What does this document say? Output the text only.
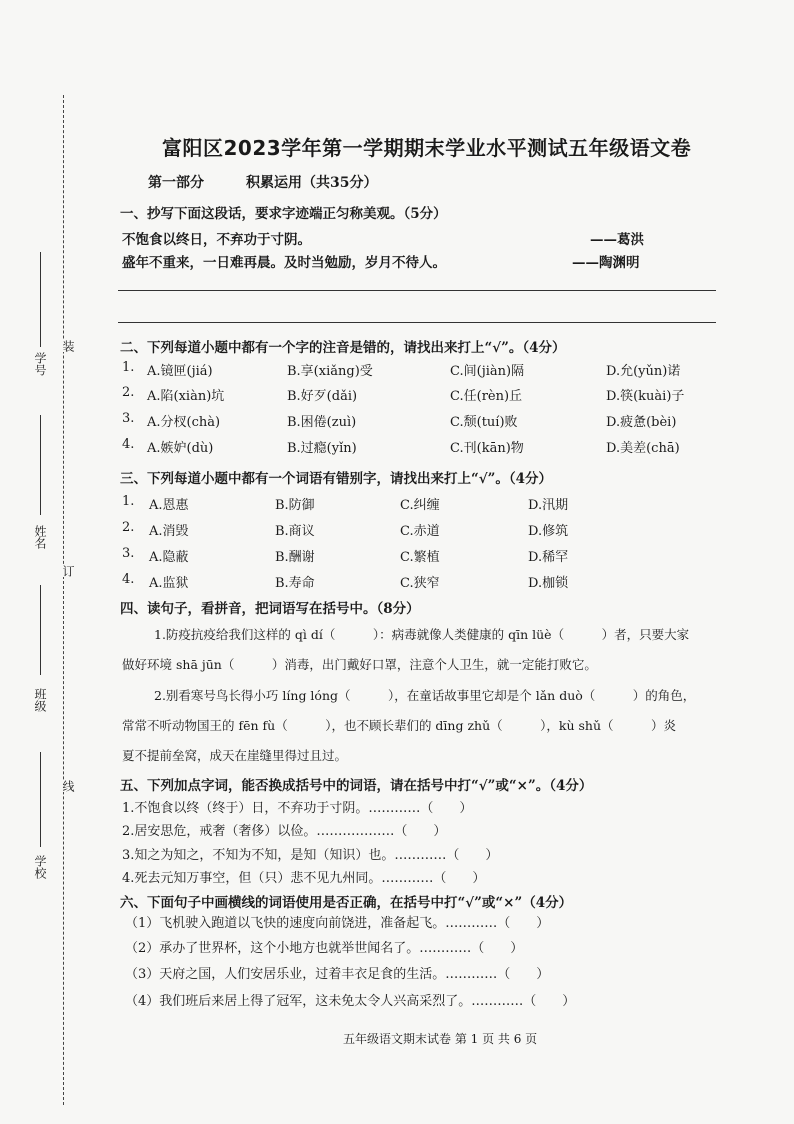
学号
姓名
班级
学校
装
订
线
富阳区2023学年第一学期期末学业水平测试五年级语文卷
第一部分	积累运用（共35分）
一、抄写下面这段话，要求字迹端正匀称美观。（5分）
不饱食以终日，不弃功于寸阴。	——葛洪
盛年不重来，一日难再晨。及时当勉励，岁月不待人。	——陶渊明
二、下列每道小题中都有一个字的注音是错的，请找出来打上“√”。（4分）
1. A.镜匣(jiá)	B.享(xiǎng)受	C.间(jiàn)隔	D.允(yǔn)诺
2. A.陷(xiàn)坑	B.好歹(dǎi)	C.任(rèn)丘	D.筷(kuài)子
3. A.分杈(chà)	B.困倦(zuì)	C.颓(tuí)败	D.疲惫(bèi)
4. A.嫉妒(dù)	B.过瘾(yǐn)	C.刊(kān)物	D.美差(chā)
三、下列每道小题中都有一个词语有错别字，请找出来打上“√”。（4分）
1. A.恩惠	B.防御	C.纠缠	D.汛期
2. A.消毁	B.商议	C.赤道	D.修筑
3. A.隐蔽	B.酬谢	C.繁植	D.稀罕
4. A.监狱	B.寿命	C.狭窄	D.枷锁
四、读句子，看拼音，把词语写在括号中。（8分）
1.防疫抗疫给我们这样的 qì dí（　　　）：病毒就像人类健康的 qīn lüè（　　　）者，只要大家
做好环境 shā jūn（　　　）消毒，出门戴好口罩，注意个人卫生，就一定能打败它。
2.别看寒号鸟长得小巧 líng lóng（　　　），在童话故事里它却是个 lǎn duò（　　　）的角色，
常常不听动物国王的 fēn fù（　　　），也不顾长辈们的 dīng zhǔ（　　　），kù shǔ（　　　）炎
夏不提前垒窝，成天在崖缝里得过且过。
五、下列加点字词，能否换成括号中的词语，请在括号中打“√”或“×”。（4分）
1.不饱食以终（终于）日，不弃功于寸阴。…………（　　）
2.居安思危，戒奢（奢侈）以俭。………………（　　）
3.知之为知之，不知为不知，是知（知识）也。…………（　　）
4.死去元知万事空，但（只）悲不见九州同。…………（　　）
六、下面句子中画横线的词语使用是否正确，在括号中打“√”或“×”（4分）
（1）飞机驶入跑道以飞快的速度向前饶进，准备起飞。…………（　　）
（2）承办了世界杯，这个小地方也就举世闻名了。…………（　　）
（3）天府之国，人们安居乐业，过着丰衣足食的生活。…………（　　）
（4）我们班后来居上得了冠军，这未免太令人兴高采烈了。…………（　　）
五年级语文期末试卷 第 1 页 共 6 页
